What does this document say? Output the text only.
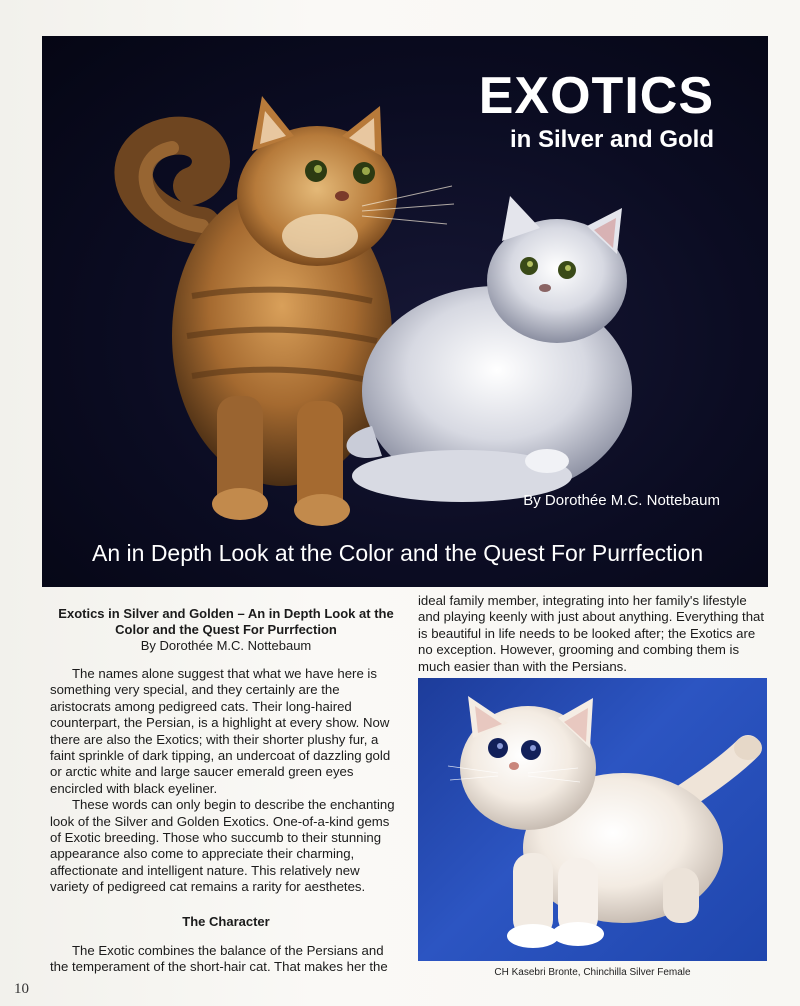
EXOTICS
in Silver and Gold
By Dorothée M.C. Nottebaum
An in Depth Look at the Color and the Quest For Purrfection

Exotics in Silver and Golden – An in Depth Look at the Color and the Quest For Purrfection

By Dorothée M.C. Nottebaum

The names alone suggest that what we have here is something very special, and they certainly are the aristocrats among pedigreed cats. Their long-haired counterpart, the Persian, is a highlight at every show. Now there are also the Exotics; with their shorter plushy fur, a faint sprinkle of dark tipping, an undercoat of dazzling gold or arctic white and large saucer emerald green eyes encircled with black eyeliner.

These words can only begin to describe the enchanting look of the Silver and Golden Exotics. One-of-a-kind gems of Exotic breeding. Those who succumb to their stunning appearance also come to appreciate their charming, affectionate and intelligent nature. This relatively new variety of pedigreed cat remains a rarity for aesthetes.

The Character

The Exotic combines the balance of the Persians and the temperament of the short-hair cat. That makes her the

ideal family member, integrating into her family's lifestyle and playing keenly with just about anything. Everything that is beautiful in life needs to be looked after; the Exotics are no exception. However, grooming and combing them is much easier than with the Persians.

CH Kasebri Bronte, Chinchilla Silver Female
10
